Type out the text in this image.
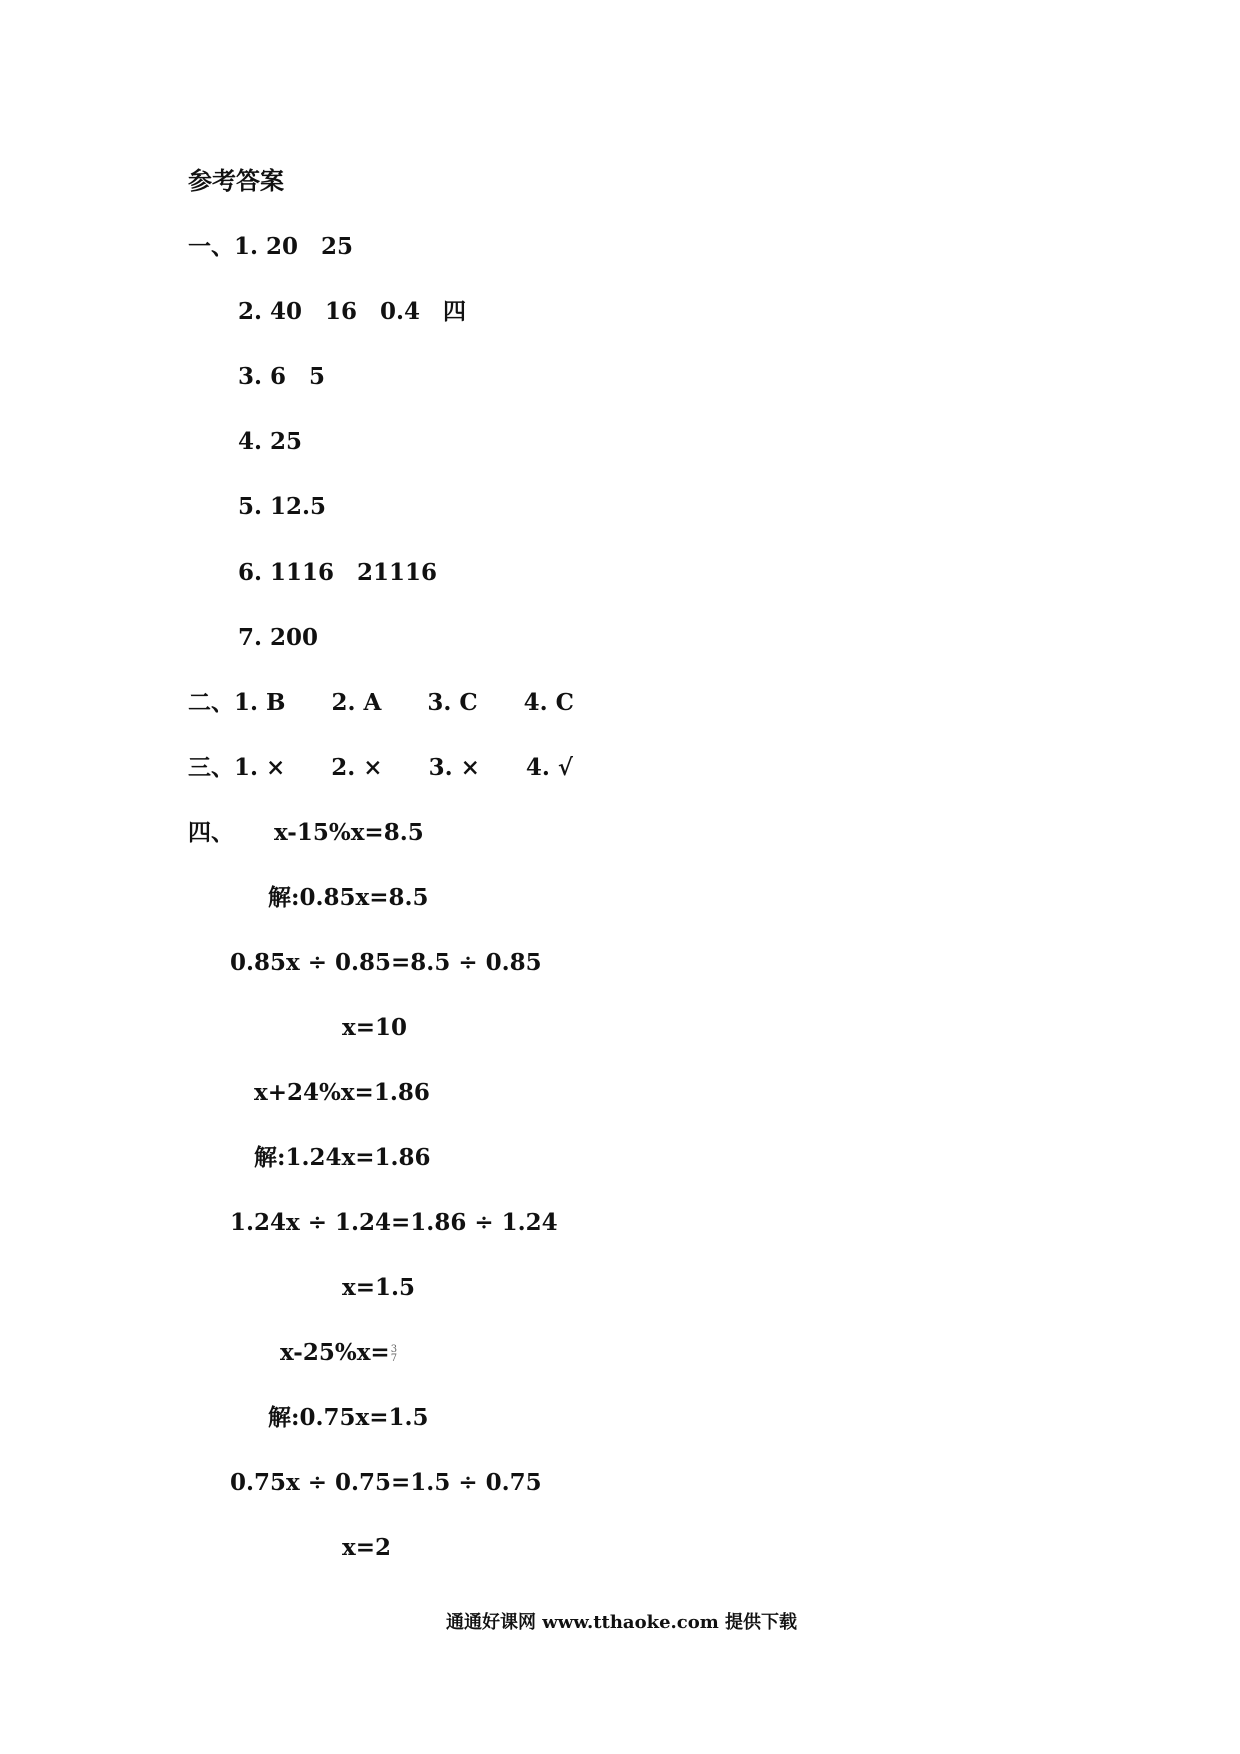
参考答案
一、1. 20　25
2. 40　16　0.4　四
3. 6　5
4. 25
5. 12.5
6. 1116　21116
7. 200
二、1. B　　2. A　　3. C　　4. C
三、1. ×　　2. ×　　3. ×　　4. √
四、 x-15%x=8.5
解:0.85x=8.5
0.85x ÷ 0.85=8.5 ÷ 0.85
x=10
x+24%x=1.86
解:1.24x=1.86
1.24x ÷ 1.24=1.86 ÷ 1.24
x=1.5
x-25%x= 3
7
解:0.75x=1.5
0.75x ÷ 0.75=1.5 ÷ 0.75
x=2
通通好课网 www.tthaoke.com 提供下载
